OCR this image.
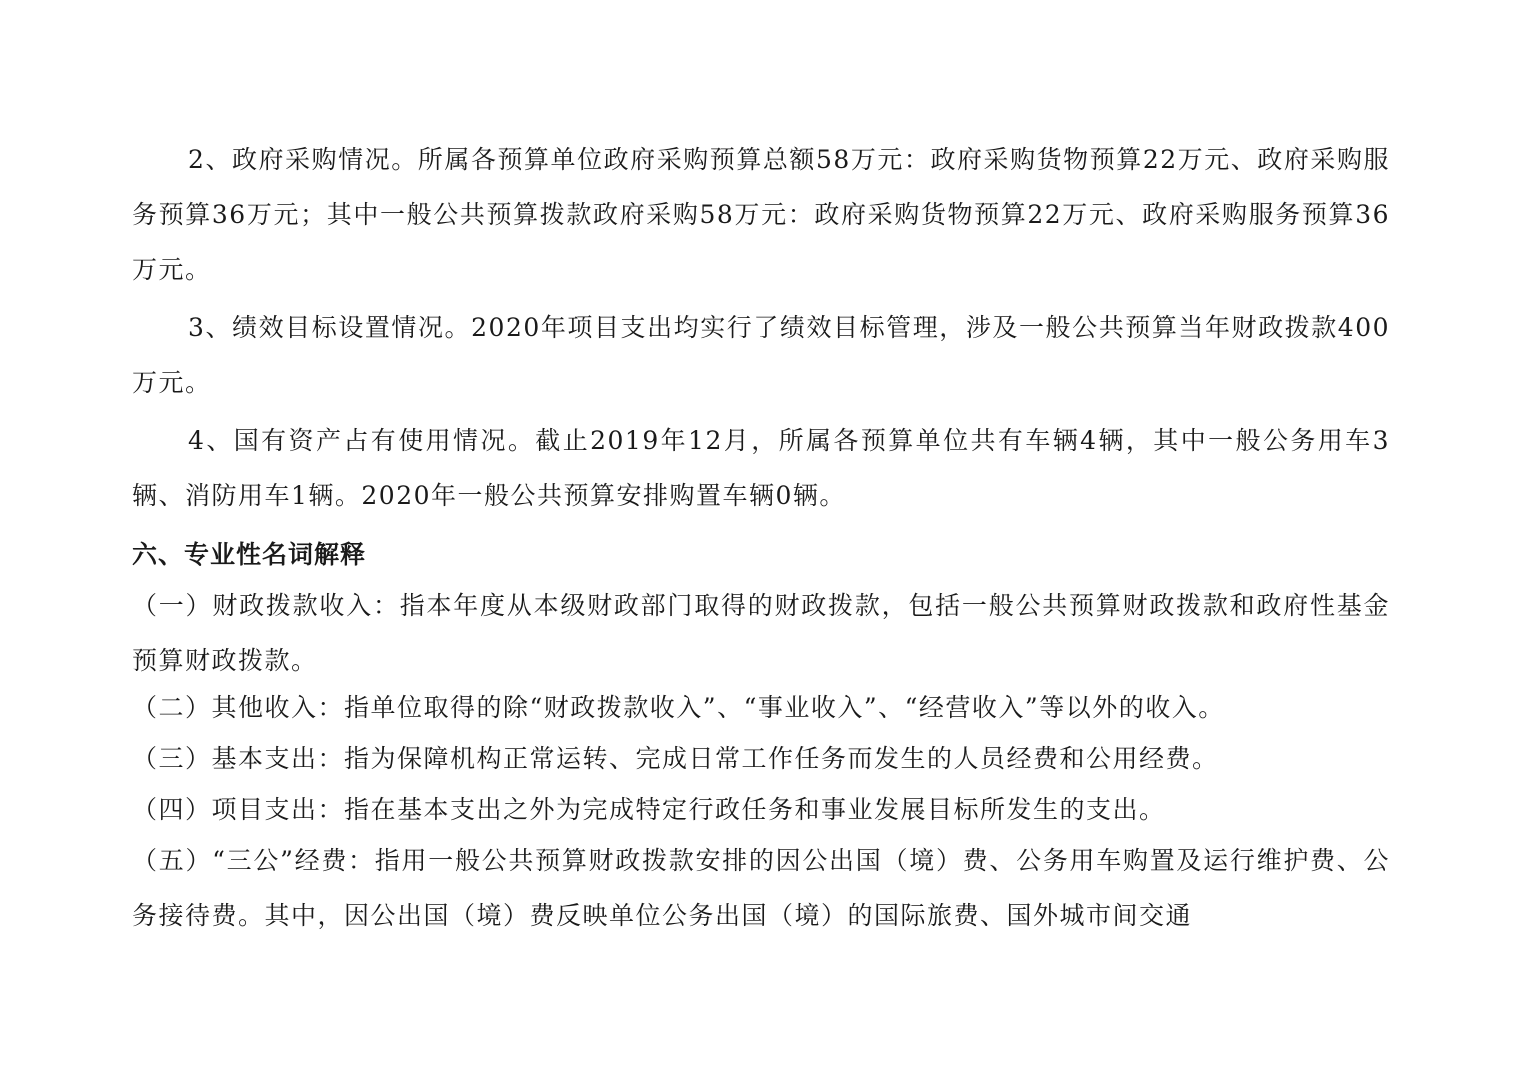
2、政府采购情况。所属各预算单位政府采购预算总额58万元：政府采购货物预算22万元、政府采购服务预算36万元；其中一般公共预算拨款政府采购58万元：政府采购货物预算22万元、政府采购服务预算36万元。

3、绩效目标设置情况。2020年项目支出均实行了绩效目标管理，涉及一般公共预算当年财政拨款400万元。

4、国有资产占有使用情况。截止2019年12月，所属各预算单位共有车辆4辆，其中一般公务用车3辆、消防用车1辆。2020年一般公共预算安排购置车辆0辆。

六、专业性名词解释

（一）财政拨款收入：指本年度从本级财政部门取得的财政拨款，包括一般公共预算财政拨款和政府性基金预算财政拨款。

（二）其他收入：指单位取得的除“财政拨款收入”、“事业收入”、“经营收入”等以外的收入。

（三）基本支出：指为保障机构正常运转、完成日常工作任务而发生的人员经费和公用经费。

（四）项目支出：指在基本支出之外为完成特定行政任务和事业发展目标所发生的支出。

（五）“三公”经费：指用一般公共预算财政拨款安排的因公出国（境）费、公务用车购置及运行维护费、公务接待费。其中，因公出国（境）费反映单位公务出国（境）的国际旅费、国外城市间交通
